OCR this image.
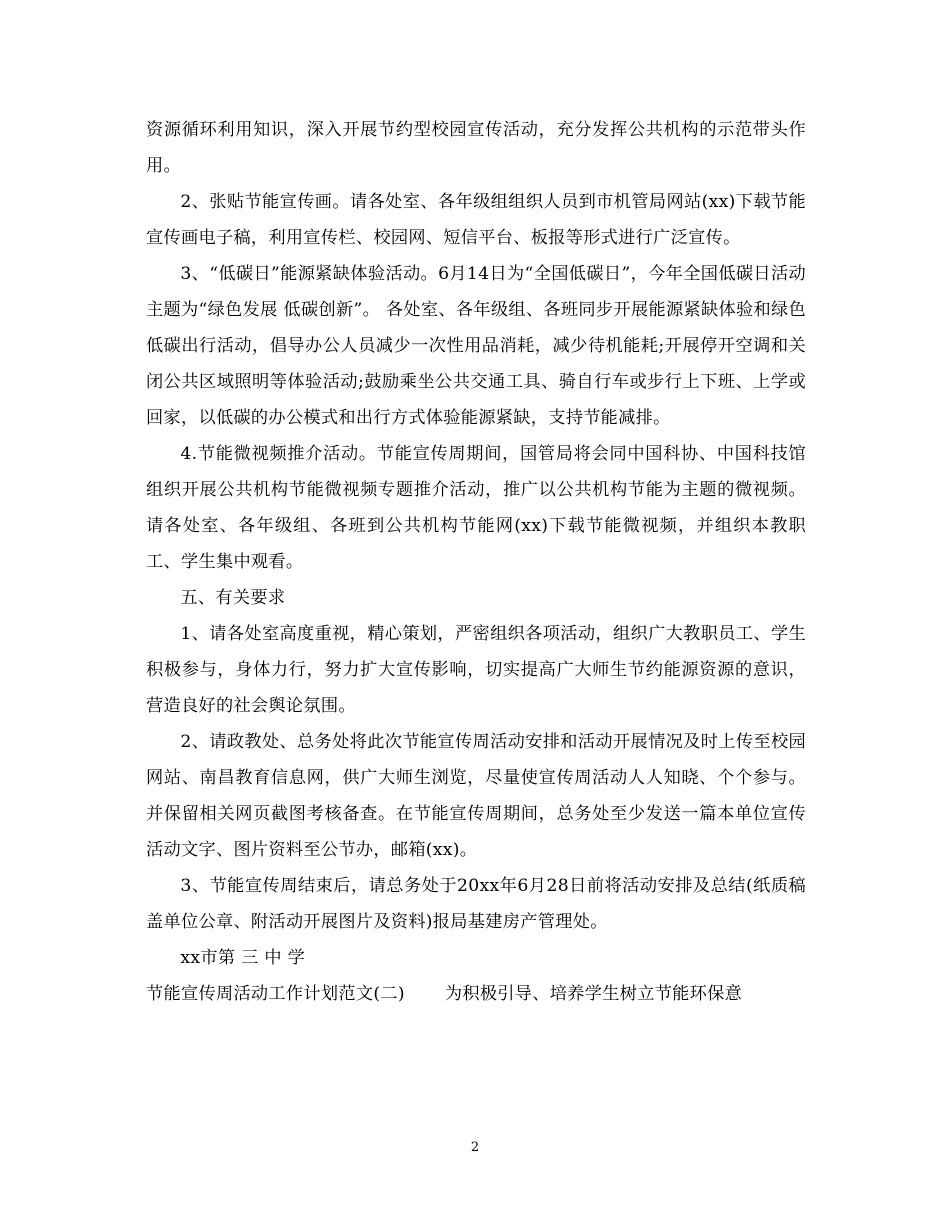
资源循环利用知识，深入开展节约型校园宣传活动，充分发挥公共机构的示范带头作用。

2、张贴节能宣传画。请各处室、各年级组组织人员到市机管局网站(xx)下载节能宣传画电子稿，利用宣传栏、校园网、短信平台、板报等形式进行广泛宣传。

3、“低碳日”能源紧缺体验活动。6月14日为“全国低碳日”，今年全国低碳日活动主题为“绿色发展 低碳创新”。 各处室、各年级组、各班同步开展能源紧缺体验和绿色低碳出行活动，倡导办公人员减少一次性用品消耗，减少待机能耗;开展停开空调和关闭公共区域照明等体验活动;鼓励乘坐公共交通工具、骑自行车或步行上下班、上学或回家，以低碳的办公模式和出行方式体验能源紧缺，支持节能减排。

4.节能微视频推介活动。节能宣传周期间，国管局将会同中国科协、中国科技馆组织开展公共机构节能微视频专题推介活动，推广以公共机构节能为主题的微视频。请各处室、各年级组、各班到公共机构节能网(xx)下载节能微视频，并组织本教职工、学生集中观看。

五、有关要求

1、请各处室高度重视，精心策划，严密组织各项活动，组织广大教职员工、学生积极参与，身体力行，努力扩大宣传影响，切实提高广大师生节约能源资源的意识，营造良好的社会舆论氛围。

2、请政教处、总务处将此次节能宣传周活动安排和活动开展情况及时上传至校园网站、南昌教育信息网，供广大师生浏览，尽量使宣传周活动人人知晓、个个参与。并保留相关网页截图考核备查。在节能宣传周期间，总务处至少发送一篇本单位宣传活动文字、图片资料至公节办，邮箱(xx)。

3、节能宣传周结束后，请总务处于20xx年6月28日前将活动安排及总结(纸质稿盖单位公章、附活动开展图片及资料)报局基建房产管理处。

xx市第 三 中 学

节能宣传周活动工作计划范文(二) 为积极引导、培养学生树立节能环保意

2
